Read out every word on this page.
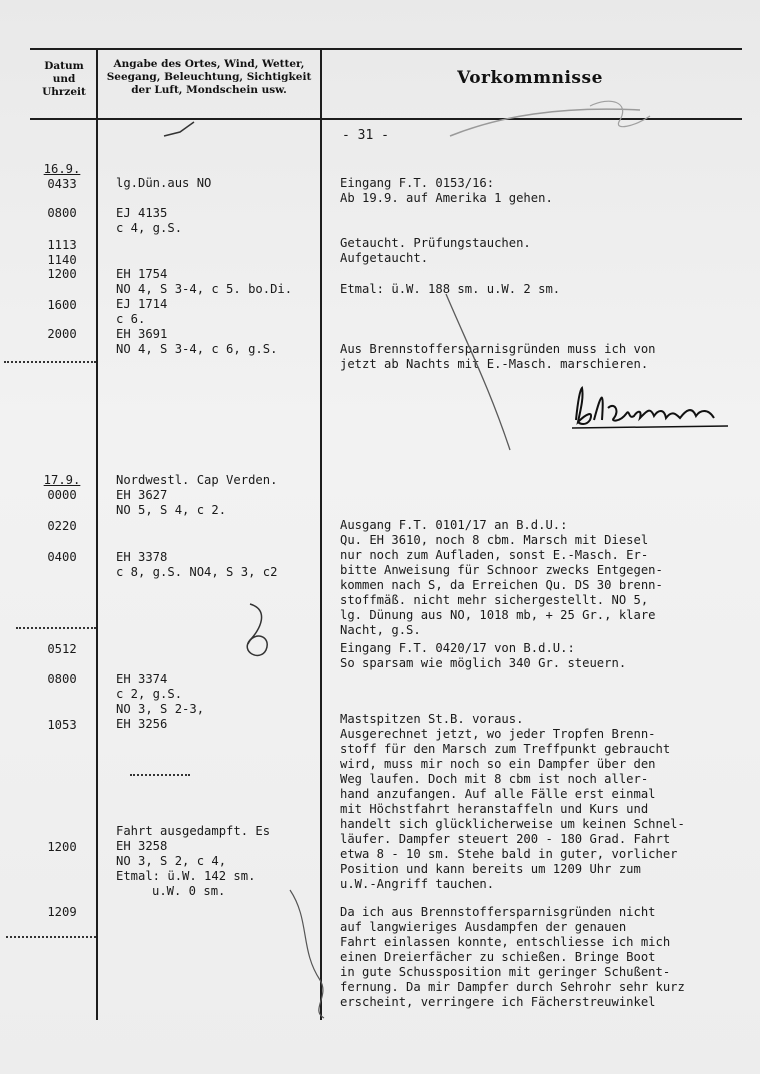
Datum und Uhrzeit
Angabe des Ortes, Wind, Wetter, Seegang, Beleuchtung, Sichtigkeit der Luft, Mondschein usw.
Vorkommnisse
- 31 -
16.9.
0433
0800
1113
1140
1200
1600
2000
17.9.
0000
0220
0400
0512
0800
1053
1200
1209
lg.Dün.aus NO
EJ 4135
c 4, g.S.
EH 1754
NO 4, S 3-4, c 5. bo.Di.
EJ 1714
c 6.
EH 3691
NO 4, S 3-4, c 6, g.S.
Nordwestl. Cap Verden.
EH 3627
NO 5, S 4, c 2.
EH 3378
c 8, g.S. NO4, S 3, c2
EH 3374
c 2, g.S.
NO 3, S 2-3,
EH 3256
Fahrt ausgedampft. Es
EH 3258
NO 3, S 2, c 4,
Etmal: ü.W. 142 sm.
u.W. 0 sm.
Eingang F.T. 0153/16:
Ab 19.9. auf Amerika 1 gehen.
Getaucht. Prüfungstauchen.
Aufgetaucht.
Etmal: ü.W. 188 sm. u.W. 2 sm.
Aus Brennstoffersparnisgründen muss ich von
jetzt ab Nachts mit E.-Masch. marschieren.
Ausgang F.T. 0101/17 an B.d.U.:
Qu. EH 3610, noch 8 cbm. Marsch mit Diesel
nur noch zum Aufladen, sonst E.-Masch. Er-
bitte Anweisung für Schnoor zwecks Entgegen-
kommen nach S, da Erreichen Qu. DS 30 brenn-
stoffmäß. nicht mehr sichergestellt. NO 5,
lg. Dünung aus NO, 1018 mb, + 25 Gr., klare
Nacht, g.S.
Eingang F.T. 0420/17 von B.d.U.:
So sparsam wie möglich 340 Gr. steuern.
Mastspitzen St.B. voraus.
Ausgerechnet jetzt, wo jeder Tropfen Brenn-
stoff für den Marsch zum Treffpunkt gebraucht
wird, muss mir noch so ein Dampfer über den
Weg laufen. Doch mit 8 cbm ist noch aller-
hand anzufangen. Auf alle Fälle erst einmal
mit Höchstfahrt heranstaffeln und Kurs und
handelt sich glücklicherweise um keinen Schnel-
läufer. Dampfer steuert 200 - 180 Grad. Fahrt
etwa 8 - 10 sm. Stehe bald in guter, vorlicher
Position und kann bereits um 1209 Uhr zum
u.W.-Angriff tauchen.
Da ich aus Brennstoffersparnisgründen nicht
auf langwieriges Ausdampfen der genauen
Fahrt einlassen konnte, entschliesse ich mich
einen Dreierfächer zu schießen. Bringe Boot
in gute Schussposition mit geringer Schußent-
fernung. Da mir Dampfer durch Sehrohr sehr kurz
erscheint, verringere ich Fächerstreuwinkel
